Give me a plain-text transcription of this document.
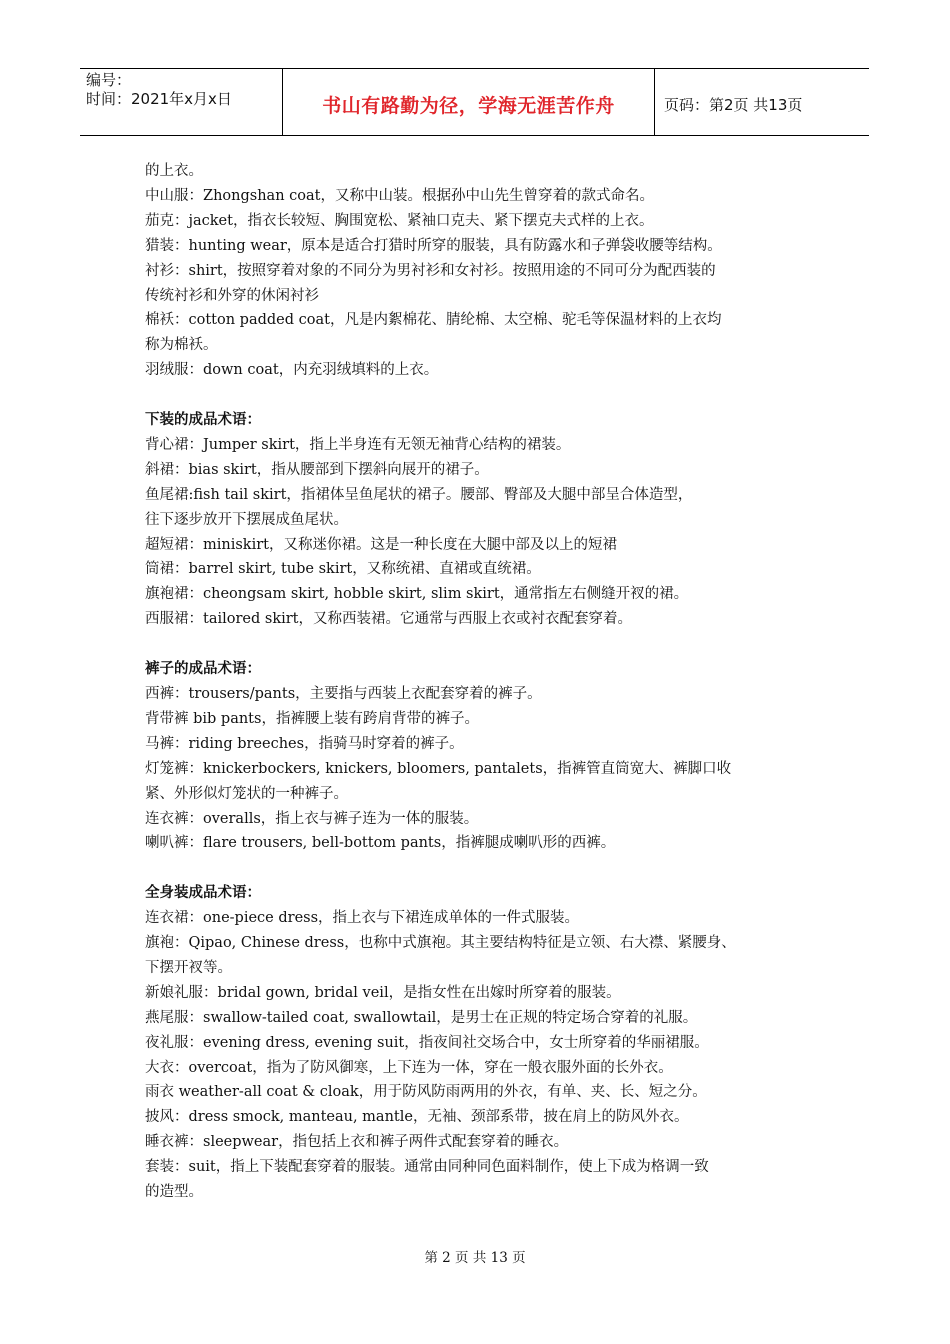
编号：
时间：2021年x月x日	书山有路勤为径，学海无涯苦作舟	页码：第2页 共13页

的上衣。

中山服：Zhongshan coat，又称中山装。根据孙中山先生曾穿着的款式命名。

茄克：jacket，指衣长较短、胸围宽松、紧袖口克夫、紧下摆克夫式样的上衣。

猎装：hunting wear，原本是适合打猎时所穿的服装，具有防露水和子弹袋收腰等结构。

衬衫：shirt，按照穿着对象的不同分为男衬衫和女衬衫。按照用途的不同可分为配西装的

传统衬衫和外穿的休闲衬衫

棉袄：cotton padded coat，凡是内絮棉花、腈纶棉、太空棉、驼毛等保温材料的上衣均

称为棉袄。

羽绒服：down coat，内充羽绒填料的上衣。

下装的成品术语：

背心裙：Jumper skirt，指上半身连有无领无袖背心结构的裙装。

斜裙：bias skirt，指从腰部到下摆斜向展开的裙子。

鱼尾裙:fish tail skirt，指裙体呈鱼尾状的裙子。腰部、臀部及大腿中部呈合体造型，

往下逐步放开下摆展成鱼尾状。

超短裙：miniskirt，又称迷你裙。这是一种长度在大腿中部及以上的短裙

筒裙：barrel skirt, tube skirt，又称统裙、直裙或直统裙。

旗袍裙：cheongsam skirt, hobble skirt, slim skirt，通常指左右侧缝开衩的裙。

西服裙：tailored skirt，又称西装裙。它通常与西服上衣或衬衣配套穿着。

裤子的成品术语：

西裤：trousers/pants，主要指与西装上衣配套穿着的裤子。

背带裤 bib pants，指裤腰上装有跨肩背带的裤子。

马裤：riding breeches，指骑马时穿着的裤子。

灯笼裤：knickerbockers, knickers, bloomers, pantalets，指裤管直筒宽大、裤脚口收

紧、外形似灯笼状的一种裤子。

连衣裤：overalls，指上衣与裤子连为一体的服装。

喇叭裤：flare trousers, bell-bottom pants，指裤腿成喇叭形的西裤。

全身装成品术语：

连衣裙：one-piece dress，指上衣与下裙连成单体的一件式服装。

旗袍：Qipao, Chinese dress，也称中式旗袍。其主要结构特征是立领、右大襟、紧腰身、

下摆开衩等。

新娘礼服：bridal gown, bridal veil，是指女性在出嫁时所穿着的服装。

燕尾服：swallow-tailed coat, swallowtail，是男士在正规的特定场合穿着的礼服。

夜礼服：evening dress, evening suit，指夜间社交场合中，女士所穿着的华丽裙服。

大衣：overcoat，指为了防风御寒，上下连为一体，穿在一般衣服外面的长外衣。

雨衣 weather-all coat & cloak，用于防风防雨两用的外衣，有单、夹、长、短之分。

披风：dress smock, manteau, mantle，无袖、颈部系带，披在肩上的防风外衣。

睡衣裤：sleepwear，指包括上衣和裤子两件式配套穿着的睡衣。

套装：suit，指上下装配套穿着的服装。通常由同种同色面料制作，使上下成为格调一致

的造型。

第 2 页 共 13 页
